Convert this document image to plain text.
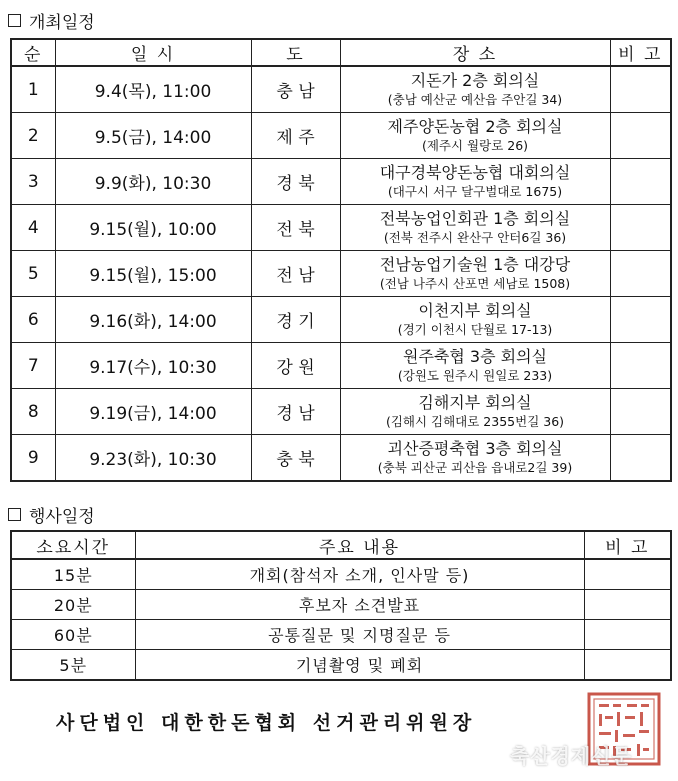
개최일정
순	일 시	도	장 소	비 고
1	9.4(목), 11:00	충 남	지돈가 2층 회의실
(충남 예산군 예산읍 주안길 34)	

2	9.5(금), 14:00	제 주	제주양돈농협 2층 회의실
(제주시 월랑로 26)	

3	9.9(화), 10:30	경 북	대구경북양돈농협 대회의실
(대구시 서구 달구벌대로 1675)	

4	9.15(월), 10:00	전 북	전북농업인회관 1층 회의실
(전북 전주시 완산구 안터6길 36)	

5	9.15(월), 15:00	전 남	전남농업기술원 1층 대강당
(전남 나주시 산포면 세남로 1508)	

6	9.16(화), 14:00	경 기	이천지부 회의실
(경기 이천시 단월로 17-13)	

7	9.17(수), 10:30	강 원	원주축협 3층 회의실
(강원도 원주시 원일로 233)	

8	9.19(금), 14:00	경 남	김해지부 회의실
(김해시 김해대로 2355번길 36)	

9	9.23(화), 10:30	충 북	괴산증평축협 3층 회의실
(충북 괴산군 괴산읍 읍내로2길 39)	

행사일정
소요시간	주요 내용	비 고
15분	개회(참석자 소개, 인사말 등)	
20분	후보자 소견발표	
60분	공통질문 및 지명질문 등	
5분	기념촬영 및 폐회	
사단법인 대한한돈협회 선거관리위원장
축산경제신문
